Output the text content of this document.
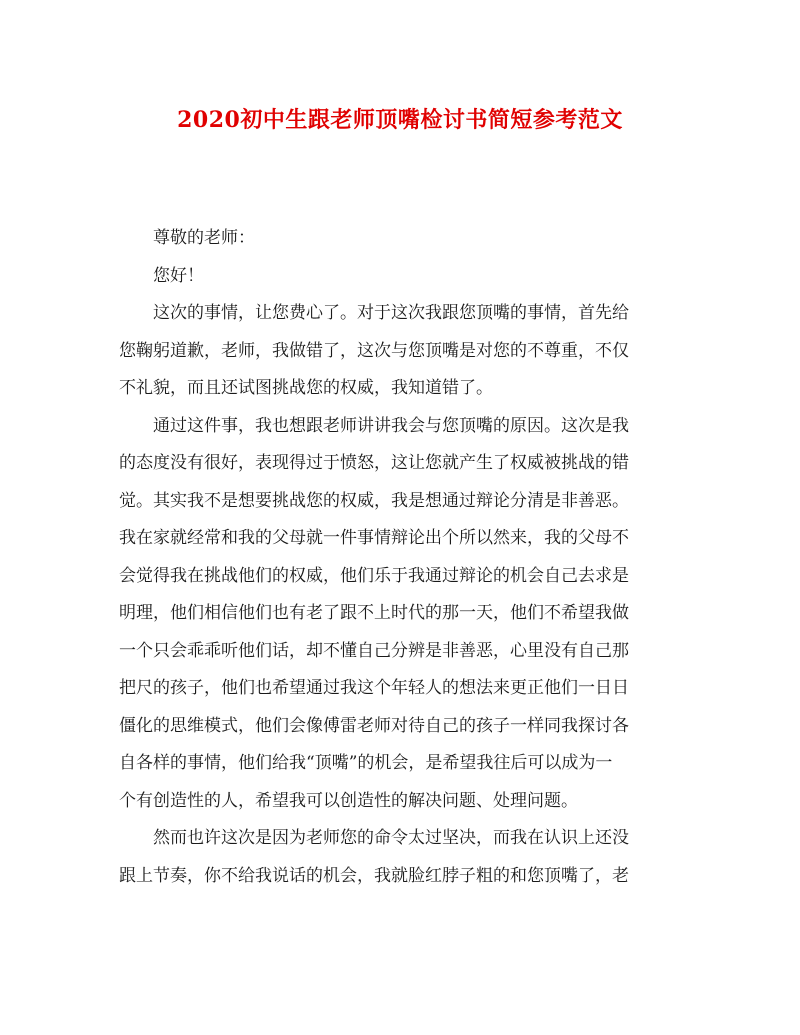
2020初中生跟老师顶嘴检讨书简短参考范文

尊敬的老师：

您好！

这次的事情，让您费心了。对于这次我跟您顶嘴的事情，首先给
您鞠躬道歉，老师，我做错了，这次与您顶嘴是对您的不尊重，不仅
不礼貌，而且还试图挑战您的权威，我知道错了。

通过这件事，我也想跟老师讲讲我会与您顶嘴的原因。这次是我
的态度没有很好，表现得过于愤怒，这让您就产生了权威被挑战的错
觉。其实我不是想要挑战您的权威，我是想通过辩论分清是非善恶。
我在家就经常和我的父母就一件事情辩论出个所以然来，我的父母不
会觉得我在挑战他们的权威，他们乐于我通过辩论的机会自己去求是
明理，他们相信他们也有老了跟不上时代的那一天，他们不希望我做
一个只会乖乖听他们话，却不懂自己分辨是非善恶，心里没有自己那
把尺的孩子，他们也希望通过我这个年轻人的想法来更正他们一日日
僵化的思维模式，他们会像傅雷老师对待自己的孩子一样同我探讨各
自各样的事情，他们给我“顶嘴”的机会，是希望我往后可以成为一
个有创造性的人，希望我可以创造性的解决问题、处理问题。

然而也许这次是因为老师您的命令太过坚决，而我在认识上还没
跟上节奏，你不给我说话的机会，我就脸红脖子粗的和您顶嘴了，老
